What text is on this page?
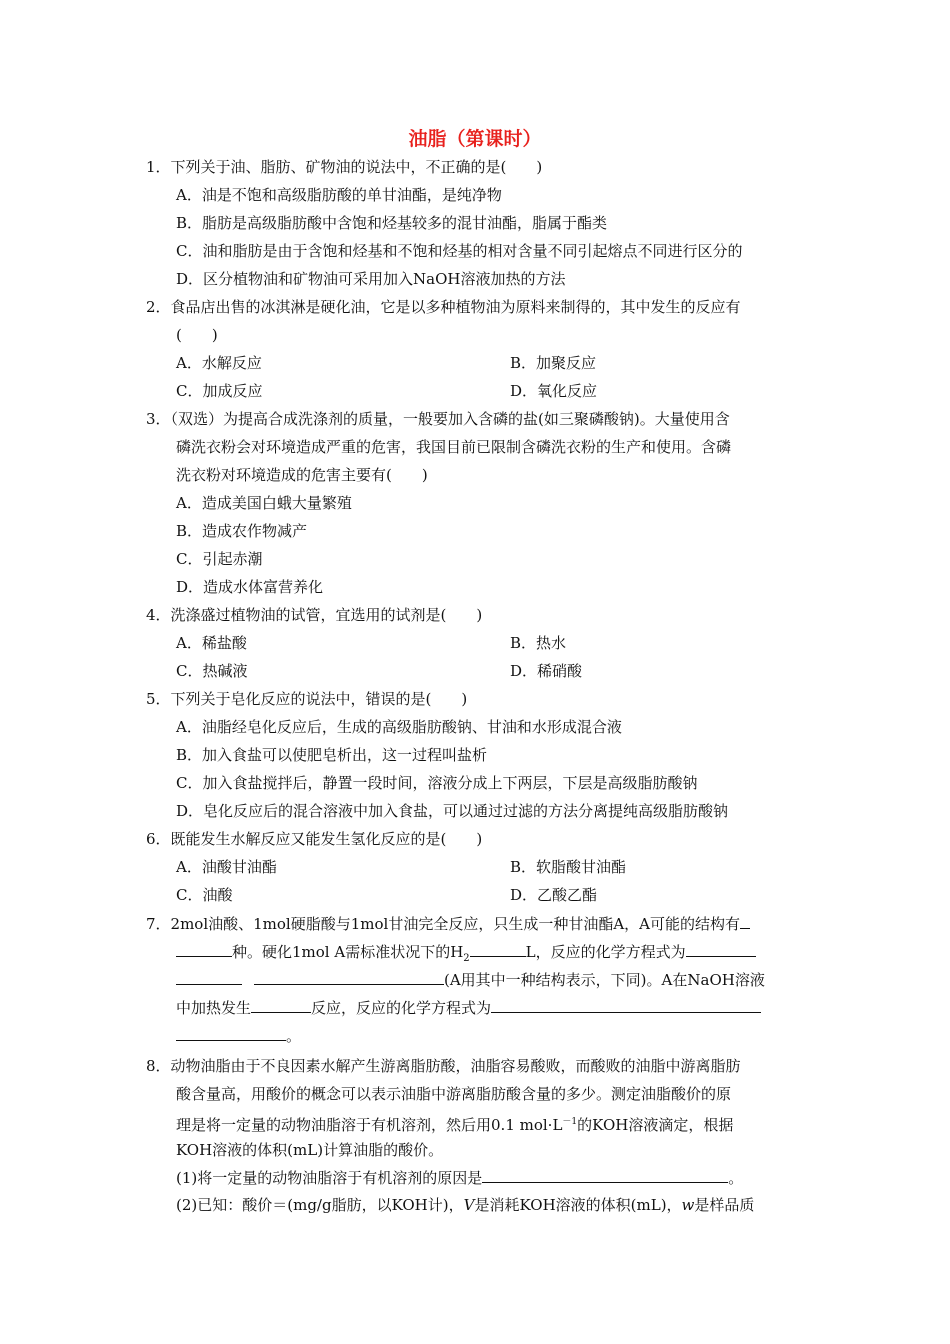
油脂（第课时）
1．下列关于油、脂肪、矿物油的说法中，不正确的是(　　)
A．油是不饱和高级脂肪酸的单甘油酯，是纯净物
B．脂肪是高级脂肪酸中含饱和烃基较多的混甘油酯，脂属于酯类
C．油和脂肪是由于含饱和烃基和不饱和烃基的相对含量不同引起熔点不同进行区分的
D．区分植物油和矿物油可采用加入NaOH溶液加热的方法
2．食品店出售的冰淇淋是硬化油，它是以多种植物油为原料来制得的，其中发生的反应有
(　　)
A．水解反应	B．加聚反应
C．加成反应	D．氧化反应
3．（双选）为提高合成洗涤剂的质量，一般要加入含磷的盐(如三聚磷酸钠)。大量使用含
磷洗衣粉会对环境造成严重的危害，我国目前已限制含磷洗衣粉的生产和使用。含磷
洗衣粉对环境造成的危害主要有(　　)
A．造成美国白蛾大量繁殖
B．造成农作物减产
C．引起赤潮
D．造成水体富营养化
4．洗涤盛过植物油的试管，宜选用的试剂是(　　)
A．稀盐酸	B．热水
C．热碱液	D．稀硝酸
5．下列关于皂化反应的说法中，错误的是(　　)
A．油脂经皂化反应后，生成的高级脂肪酸钠、甘油和水形成混合液
B．加入食盐可以使肥皂析出，这一过程叫盐析
C．加入食盐搅拌后，静置一段时间，溶液分成上下两层，下层是高级脂肪酸钠
D．皂化反应后的混合溶液中加入食盐，可以通过过滤的方法分离提纯高级脂肪酸钠
6．既能发生水解反应又能发生氢化反应的是(　　)
A．油酸甘油酯	B．软脂酸甘油酯
C．油酸	D．乙酸乙酯
7．2mol油酸、1mol硬脂酸与1mol甘油完全反应，只生成一种甘油酯A，A可能的结构有
种。硬化1mol A需标准状况下的$H_2$	L，反应的化学方程式为
(A用其中一种结构表示，下同)。A在NaOH溶液
中加热发生	反应，反应的化学方程式为
。
8．动物油脂由于不良因素水解产生游离脂肪酸，油脂容易酸败，而酸败的油脂中游离脂肪
酸含量高，用酸价的概念可以表示油脂中游离脂肪酸含量的多少。测定油脂酸价的原
理是将一定量的动物油脂溶于有机溶剂，然后用0.1 $mol\cdot L^{-1}$的KOH溶液滴定，根据
KOH溶液的体积(mL)计算油脂的酸价。
(1)将一定量的动物油脂溶于有机溶剂的原因是	。
(2)已知：酸价＝(mg/g脂肪，以KOH计)，V是消耗KOH溶液的体积(mL)，w是样品质
